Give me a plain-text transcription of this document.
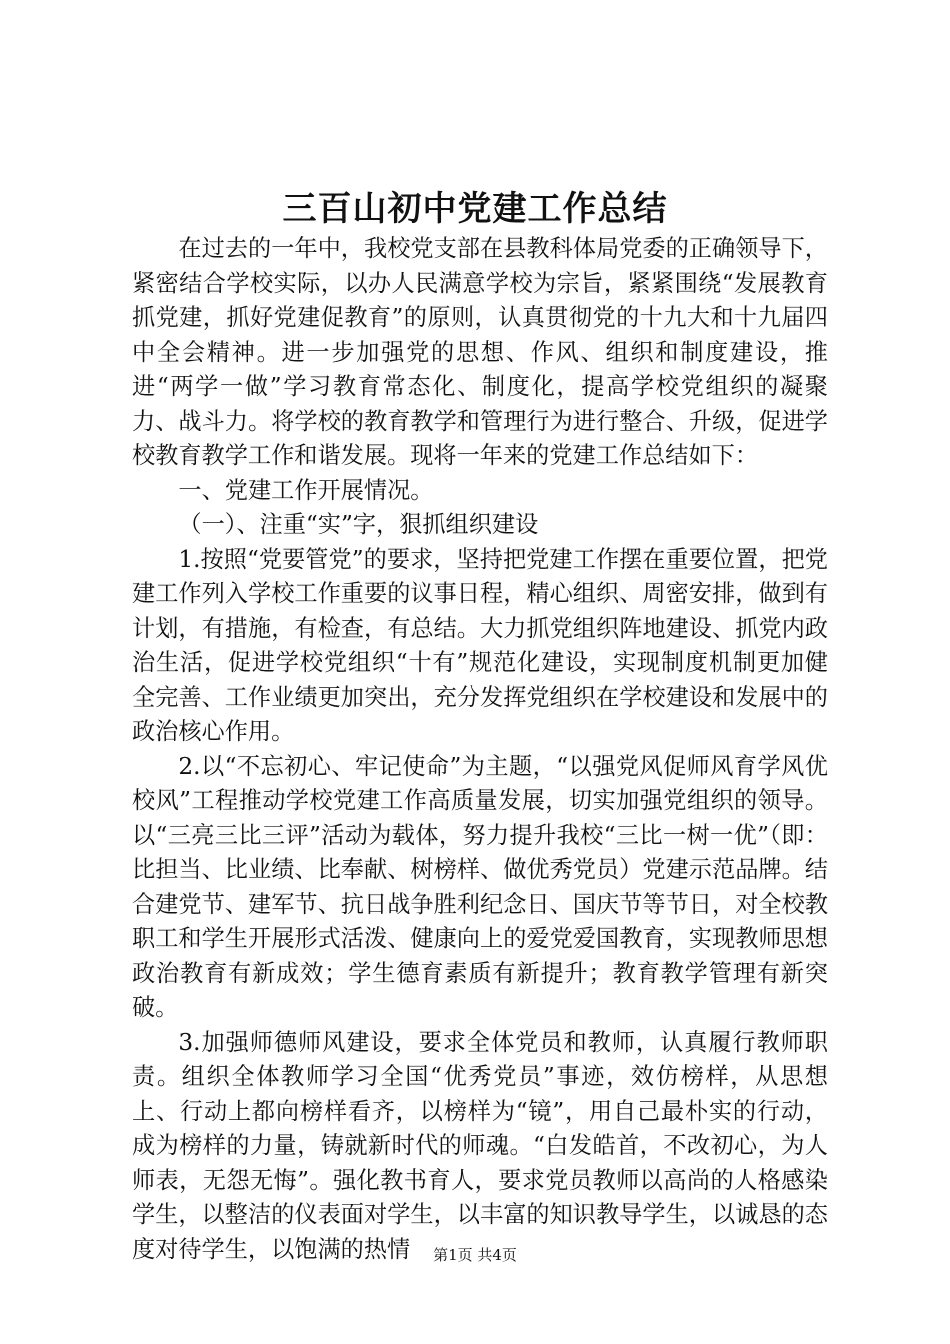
三百山初中党建工作总结

在过去的一年中，我校党支部在县教科体局党委的正确领导下，紧密结合学校实际，以办人民满意学校为宗旨，紧紧围绕“发展教育抓党建，抓好党建促教育”的原则，认真贯彻党的十九大和十九届四中全会精神。进一步加强党的思想、作风、组织和制度建设，推进“两学一做”学习教育常态化、制度化，提高学校党组织的凝聚力、战斗力。将学校的教育教学和管理行为进行整合、升级，促进学校教育教学工作和谐发展。现将一年来的党建工作总结如下：

一、党建工作开展情况。

（一）、注重“实”字，狠抓组织建设

1.按照“党要管党”的要求，坚持把党建工作摆在重要位置，把党建工作列入学校工作重要的议事日程，精心组织、周密安排，做到有计划，有措施，有检查，有总结。大力抓党组织阵地建设、抓党内政治生活，促进学校党组织“十有”规范化建设，实现制度机制更加健全完善、工作业绩更加突出，充分发挥党组织在学校建设和发展中的政治核心作用。

2.以“不忘初心、牢记使命”为主题，“以强党风促师风育学风优校风”工程推动学校党建工作高质量发展，切实加强党组织的领导。以“三亮三比三评”活动为载体，努力提升我校“三比一树一优”（即：比担当、比业绩、比奉献、树榜样、做优秀党员）党建示范品牌。结合建党节、建军节、抗日战争胜利纪念日、国庆节等节日，对全校教职工和学生开展形式活泼、健康向上的爱党爱国教育，实现教师思想政治教育有新成效；学生德育素质有新提升；教育教学管理有新突破。

3.加强师德师风建设，要求全体党员和教师，认真履行教师职责。组织全体教师学习全国“优秀党员”事迹，效仿榜样，从思想上、行动上都向榜样看齐，以榜样为“镜”，用自己最朴实的行动，成为榜样的力量，铸就新时代的师魂。“白发皓首，不改初心，为人师表，无怨无悔”。强化教书育人，要求党员教师以高尚的人格感染学生，以整洁的仪表面对学生，以丰富的知识教导学生，以诚恳的态度对待学生，以饱满的热情	第1页 共4页
